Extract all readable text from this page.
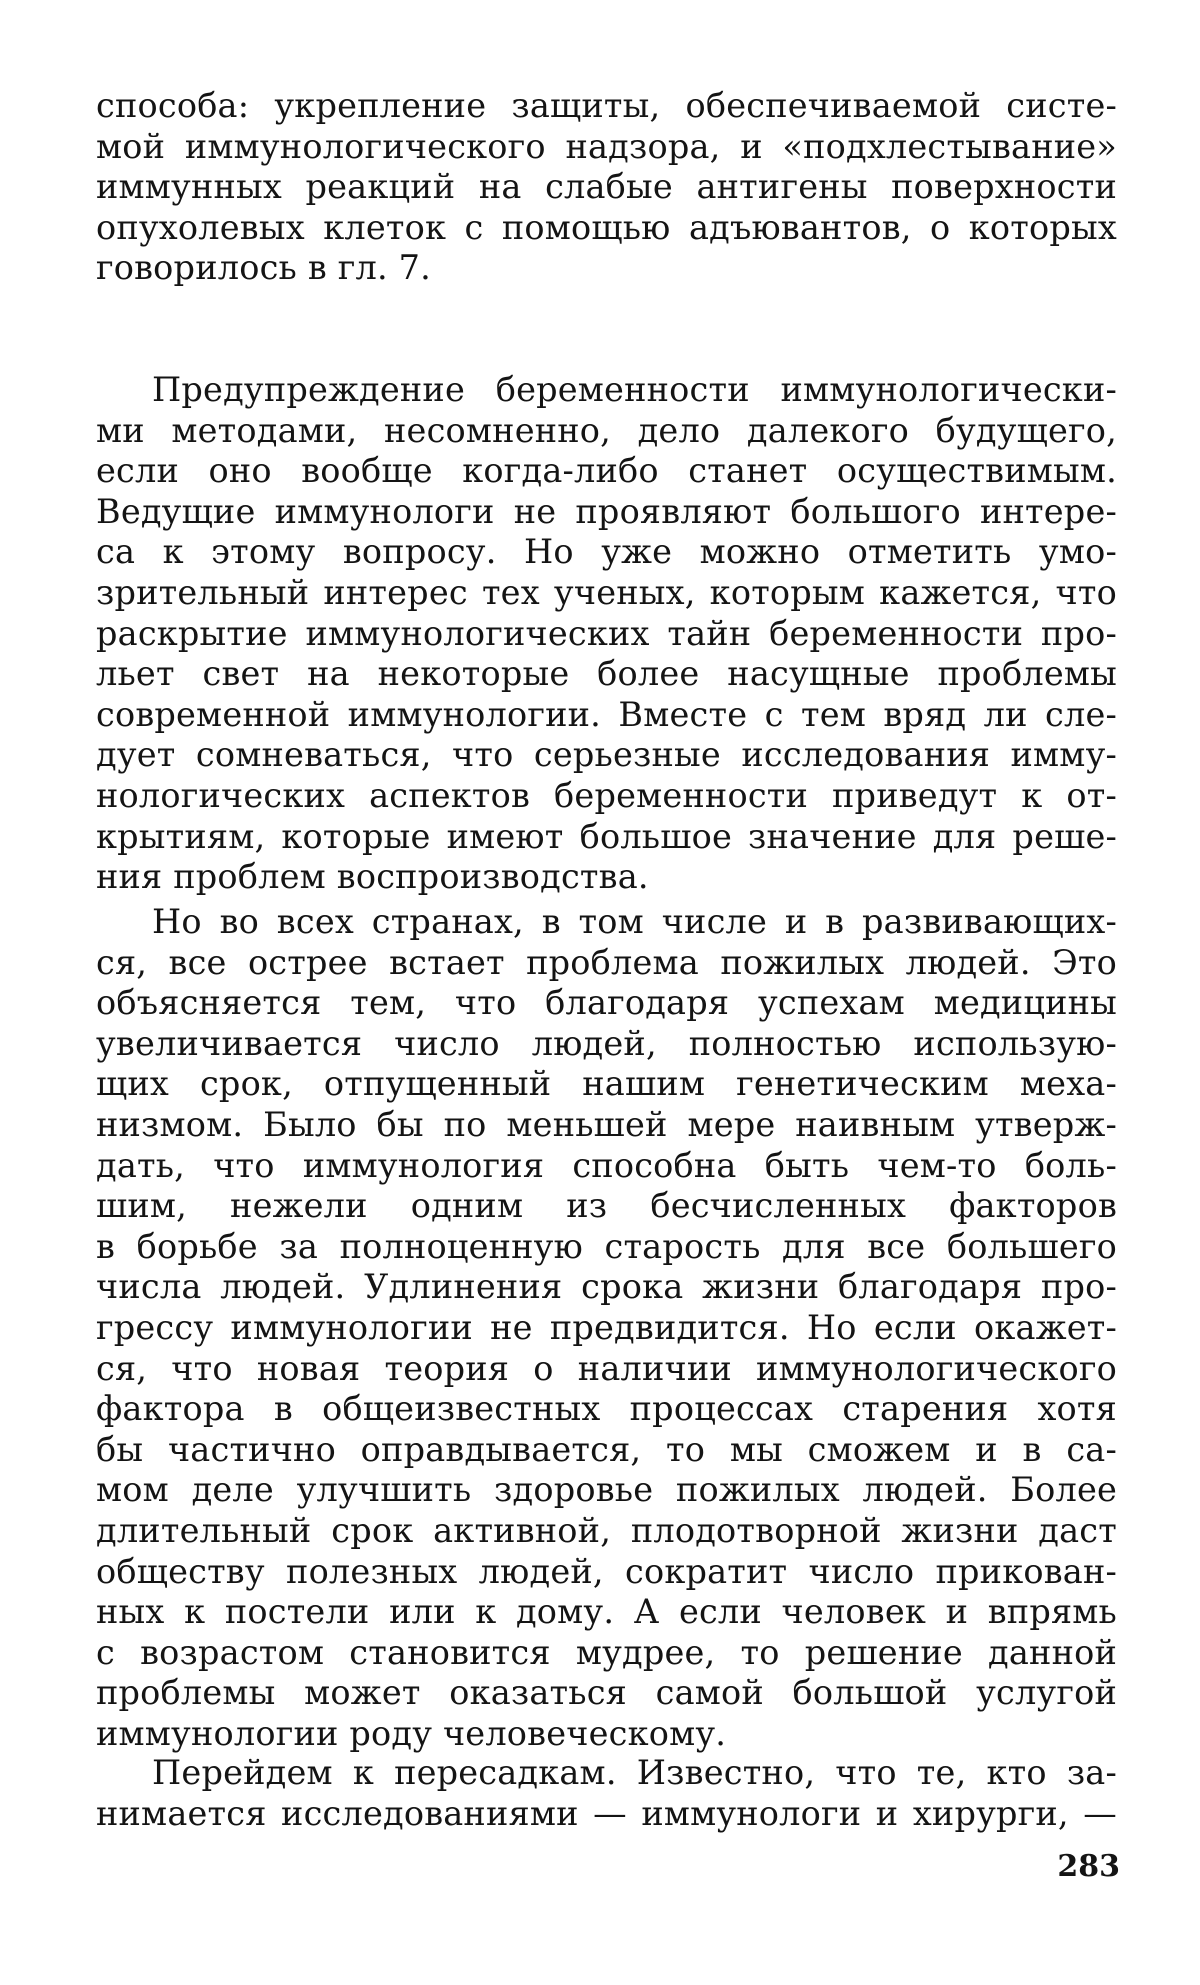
способа: укрепление защиты, обеспечиваемой систе-
мой иммунологического надзора, и «подхлестывание»
иммунных реакций на слабые антигены поверхности
опухолевых клеток с помощью адъювантов, о которых
говорилось в гл. 7.
Предупреждение беременности иммунологически-
ми методами, несомненно, дело далекого будущего,
если оно вообще когда-либо станет осуществимым.
Ведущие иммунологи не проявляют большого интере-
са к этому вопросу. Но уже можно отметить умо-
зрительный интерес тех ученых, которым кажется, что
раскрытие иммунологических тайн беременности про-
льет свет на некоторые более насущные проблемы
современной иммунологии. Вместе с тем вряд ли сле-
дует сомневаться, что серьезные исследования имму-
нологических аспектов беременности приведут к от-
крытиям, которые имеют большое значение для реше-
ния проблем воспроизводства.
Но во всех странах, в том числе и в развивающих-
ся, все острее встает проблема пожилых людей. Это
объясняется тем, что благодаря успехам медицины
увеличивается число людей, полностью использую-
щих срок, отпущенный нашим генетическим меха-
низмом. Было бы по меньшей мере наивным утверж-
дать, что иммунология способна быть чем-то боль-
шим, нежели одним из бесчисленных факторов
в борьбе за полноценную старость для все большего
числа людей. Удлинения срока жизни благодаря про-
грессу иммунологии не предвидится. Но если окажет-
ся, что новая теория о наличии иммунологического
фактора в общеизвестных процессах старения хотя
бы частично оправдывается, то мы сможем и в са-
мом деле улучшить здоровье пожилых людей. Более
длительный срок активной, плодотворной жизни даст
обществу полезных людей, сократит число прикован-
ных к постели или к дому. А если человек и впрямь
с возрастом становится мудрее, то решение данной
проблемы может оказаться самой большой услугой
иммунологии роду человеческому.
Перейдем к пересадкам. Известно, что те, кто за-
нимается исследованиями — иммунологи и хирурги, —
283
